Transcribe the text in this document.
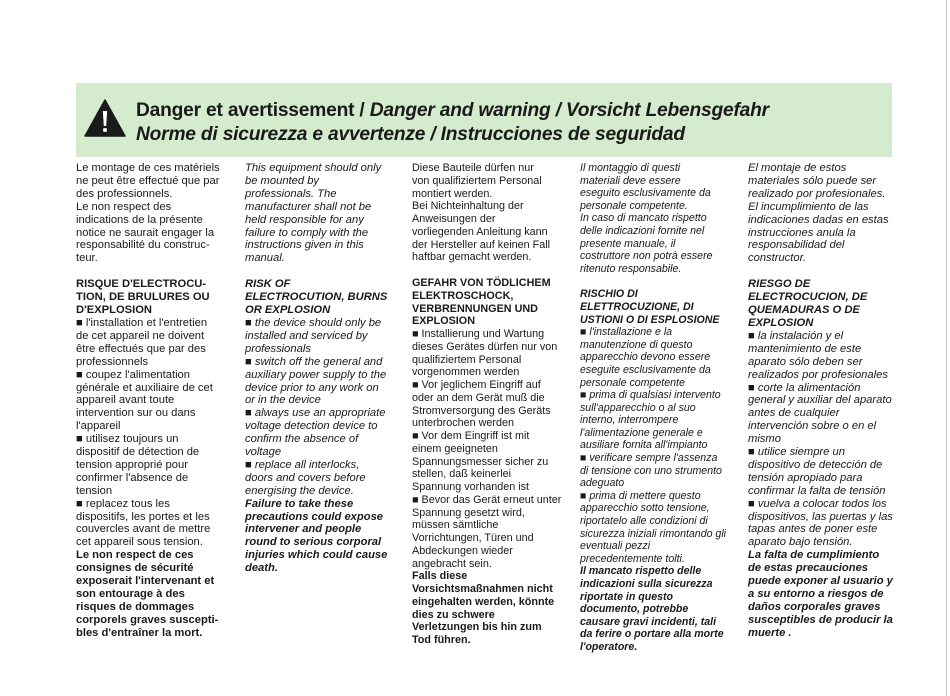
Danger et avertissement / Danger and warning / Vorsicht Lebensgefahr
Norme di sicurezza e avvertenze / Instrucciones de seguridad

Le montage de ces matériels

ne peut être effectué que par

des professionnels.

Le non respect des

indications de la présente

notice ne saurait engager la

responsabilité du construc-

teur.

RISQUE D'ELECTROCU-

TION, DE BRULURES OU

D'EXPLOSION

■ l'installation et l'entretien

de cet appareil ne doivent

être effectués que par des

professionnels

■ coupez l'alimentation

générale et auxiliaire de cet

appareil avant toute

intervention sur ou dans

l'appareil

■ utilisez toujours un

dispositif de détection de

tension approprié pour

confirmer l'absence de

tension

■ replacez tous les

dispositifs, les portes et les

couvercles avant de mettre

cet appareil sous tension.

Le non respect de ces

consignes de sécurité

exposerait l'intervenant et

son entourage à des

risques de dommages

corporels graves suscepti-

bles d'entraîner la mort.

This equipment should only

be mounted by

professionals. The

manufacturer shall not be

held responsible for any

failure to comply with the

instructions given in this

manual.

RISK OF

ELECTROCUTION, BURNS

OR EXPLOSION

■ the device should only be

installed and serviced by

professionals

■ switch off the general and

auxiliary power supply to the

device prior to any work on

or in the device

■ always use an appropriate

voltage detection device to

confirm the absence of

voltage

■ replace all interlocks,

doors and covers before

energising the device.

Failure to take these

precautions could expose

intervener and people

round to serious corporal

injuries which could cause

death.

Diese Bauteile dürfen nur

von qualifiziertem Personal

montiert werden.

Bei Nichteinhaltung der

Anweisungen der

vorliegenden Anleitung kann

der Hersteller auf keinen Fall

haftbar gemacht werden.

GEFAHR VON TÖDLICHEM

ELEKTROSCHOCK,

VERBRENNUNGEN UND

EXPLOSION

■ Installierung und Wartung

dieses Gerätes dürfen nur von

qualifiziertem Personal

vorgenommen werden

■ Vor jeglichem Eingriff auf

oder an dem Gerät muß die

Stromversorgung des Geräts

unterbrochen werden

■ Vor dem Eingriff ist mit

einem geeigneten

Spannungsmesser sicher zu

stellen, daß keinerlei

Spannung vorhanden ist

■ Bevor das Gerät erneut unter

Spannung gesetzt wird,

müssen sämtliche

Vorrichtungen, Türen und

Abdeckungen wieder

angebracht sein.

Falls diese

Vorsichtsmaßnahmen nicht

eingehalten werden, könnte

dies zu schwere

Verletzungen bis hin zum

Tod führen.

Il montaggio di questi

materiali deve essere

eseguito esclusivamente da

personale competente.

In caso di mancato rispetto

delle indicazioni fornite nel

presente manuale, il

costruttore non potrà essere

ritenuto responsabile.

RISCHIO DI

ELETTROCUZIONE, DI

USTIONI O DI ESPLOSIONE

■ l'installazione e la

manutenzione di questo

apparecchio devono essere

eseguite esclusivamente da

personale competente

■ prima di qualsiasi intervento

sull'apparecchio o al suo

interno, interrompere

l'alimentazione generale e

ausiliare fornita all'impianto

■ verificare sempre l'assenza

di tensione con uno strumento

adeguato

■ prima di mettere questo

apparecchio sotto tensione,

riportatelo alle condizioni di

sicurezza iniziali rimontando gli

eventuali pezzi

precedentemente tolti.

Il mancato rispetto delle

indicazioni sulla sicurezza

riportate in questo

documento, potrebbe

causare gravi incidenti, tali

da ferire o portare alla morte

l'operatore.

El montaje de estos

materiales sólo puede ser

realizado por profesionales.

El incumplimiento de las

indicaciones dadas en estas

instrucciones anula la

responsabilidad del

constructor.

RIESGO DE

ELECTROCUCION, DE

QUEMADURAS O DE

EXPLOSION

■ la instalación y el

mantenimiento de este

aparato sólo deben ser

realizados por profesionales

■ corte la alimentación

general y auxiliar del aparato

antes de cualquier

intervención sobre o en el

mismo

■ utilice siempre un

dispositivo de detección de

tensión apropiado para

confirmar la falta de tensión

■ vuelva a colocar todos los

dispositivos, las puertas y las

tapas antes de poner este

aparato bajo tensión.

La falta de cumplimiento

de estas precauciones

puede exponer al usuario y

a su entorno a riesgos de

daños corporales graves

susceptibles de producir la

muerte .
